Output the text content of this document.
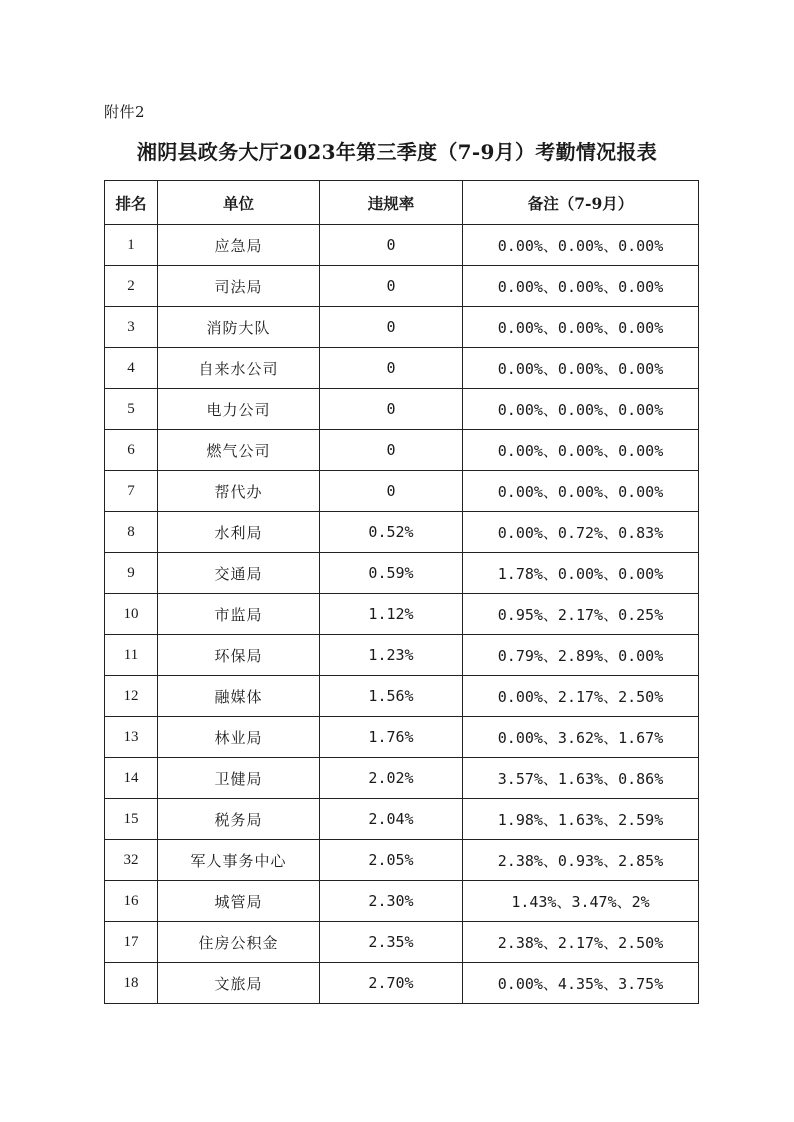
附件2
湘阴县政务大厅2023年第三季度（7-9月）考勤情况报表
排名	单位	违规率	备注（7-9月）
1	应急局	0	0.00%、0.00%、0.00%
2	司法局	0	0.00%、0.00%、0.00%
3	消防大队	0	0.00%、0.00%、0.00%
4	自来水公司	0	0.00%、0.00%、0.00%
5	电力公司	0	0.00%、0.00%、0.00%
6	燃气公司	0	0.00%、0.00%、0.00%
7	帮代办	0	0.00%、0.00%、0.00%
8	水利局	0.52%	0.00%、0.72%、0.83%
9	交通局	0.59%	1.78%、0.00%、0.00%
10	市监局	1.12%	0.95%、2.17%、0.25%
11	环保局	1.23%	0.79%、2.89%、0.00%
12	融媒体	1.56%	0.00%、2.17%、2.50%
13	林业局	1.76%	0.00%、3.62%、1.67%
14	卫健局	2.02%	3.57%、1.63%、0.86%
15	税务局	2.04%	1.98%、1.63%、2.59%
32	军人事务中心	2.05%	2.38%、0.93%、2.85%
16	城管局	2.30%	1.43%、3.47%、2%
17	住房公积金	2.35%	2.38%、2.17%、2.50%
18	文旅局	2.70%	0.00%、4.35%、3.75%
